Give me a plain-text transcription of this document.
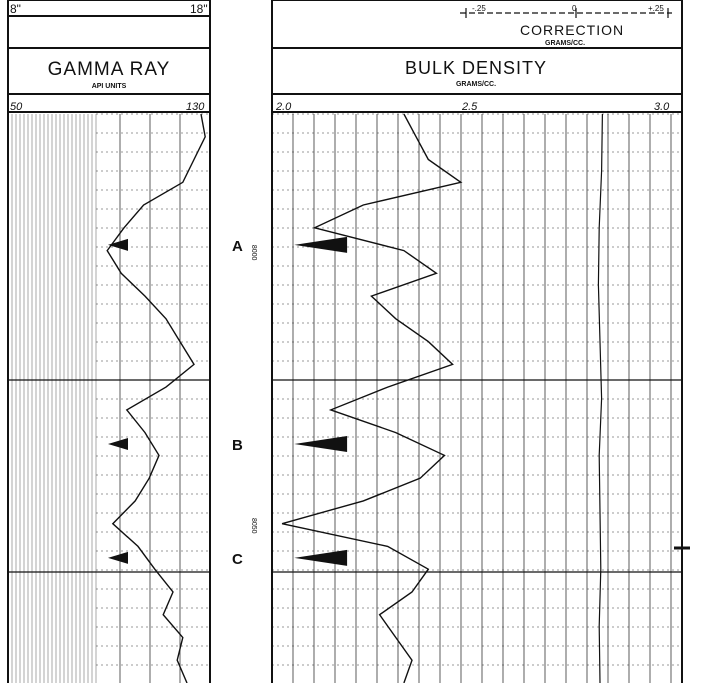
8"	18"	-.25	0	+.25
CORRECTION
GRAMS/CC.
GAMMA RAY
API UNITS
BULK DENSITY
GRAMS/CC.
50	130	2.0	2.5	3.0
A
B
C
8000
8050
